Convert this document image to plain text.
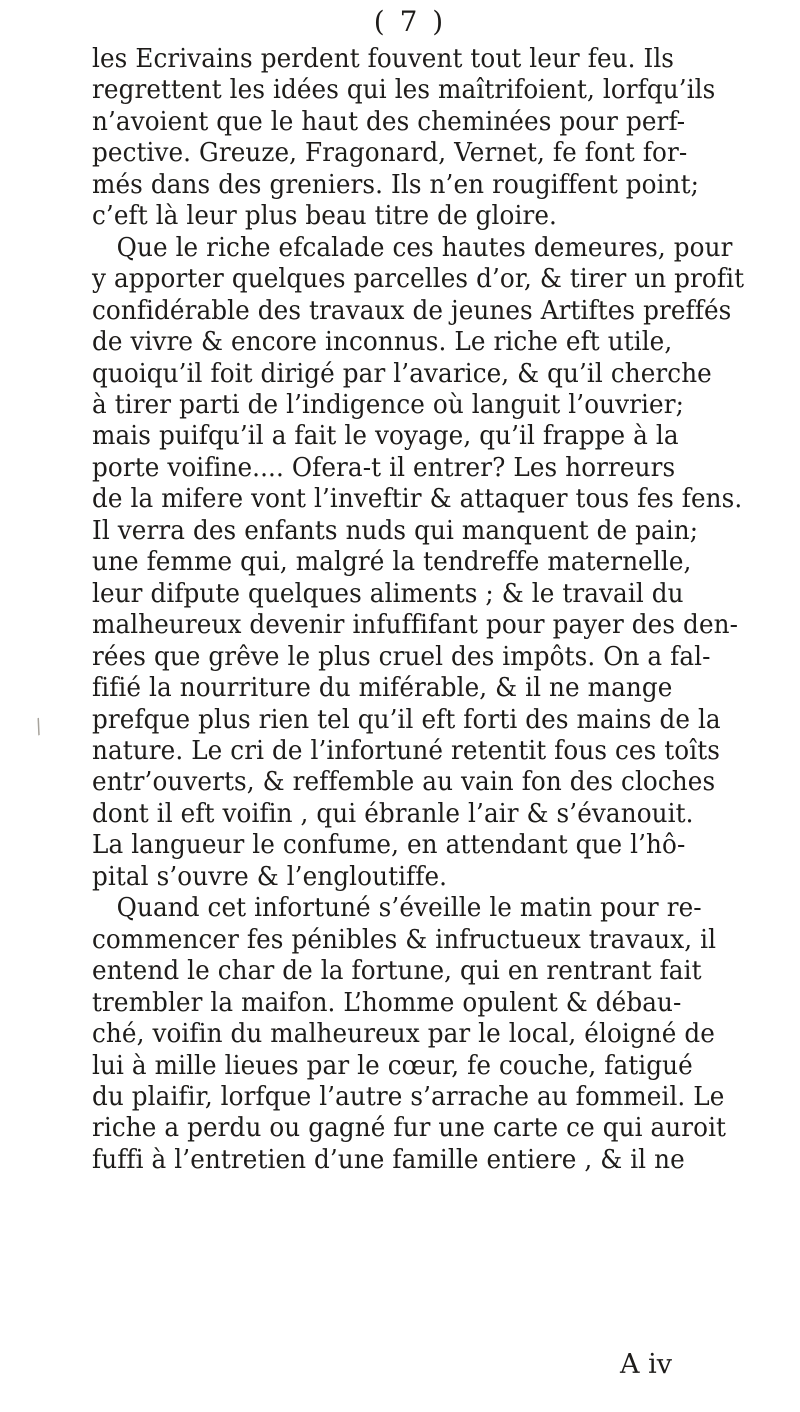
( 7 )
/
les Ecrivains perdent fouvent tout leur feu. Ils
regrettent les idées qui les maîtrifoient, lorfqu’ils
n’avoient que le haut des cheminées pour perf-
pective. Greuze, Fragonard, Vernet, fe font for-
més dans des greniers. Ils n’en rougiffent point;
c’eft là leur plus beau titre de gloire.
Que le riche efcalade ces hautes demeures, pour
y apporter quelques parcelles d’or, & tirer un profit
confidérable des travaux de jeunes Artiftes preffés
de vivre & encore inconnus. Le riche eft utile,
quoiqu’il foit dirigé par l’avarice, & qu’il cherche
à tirer parti de l’indigence où languit l’ouvrier;
mais puifqu’il a fait le voyage, qu’il frappe à la
porte voifine.... Ofera-t il entrer? Les horreurs
de la mifere vont l’inveftir & attaquer tous fes fens.
Il verra des enfants nuds qui manquent de pain;
une femme qui, malgré la tendreffe maternelle,
leur difpute quelques aliments ; & le travail du
malheureux devenir infuffifant pour payer des den-
rées que grêve le plus cruel des impôts. On a fal-
fifié la nourriture du miférable, & il ne mange
prefque plus rien tel qu’il eft forti des mains de la
nature. Le cri de l’infortuné retentit fous ces toîts
entr’ouverts, & reffemble au vain fon des cloches
dont il eft voifin , qui ébranle l’air & s’évanouit.
La langueur le confume, en attendant que l’hô-
pital s’ouvre & l’engloutiffe.
Quand cet infortuné s’éveille le matin pour re-
commencer fes pénibles & infructueux travaux, il
entend le char de la fortune, qui en rentrant fait
trembler la maifon. L’homme opulent & débau-
ché, voifin du malheureux par le local, éloigné de
lui à mille lieues par le cœur, fe couche, fatigué
du plaifir, lorfque l’autre s’arrache au fommeil. Le
riche a perdu ou gagné fur une carte ce qui auroit
fuffi à l’entretien d’une famille entiere , & il ne
A iv
